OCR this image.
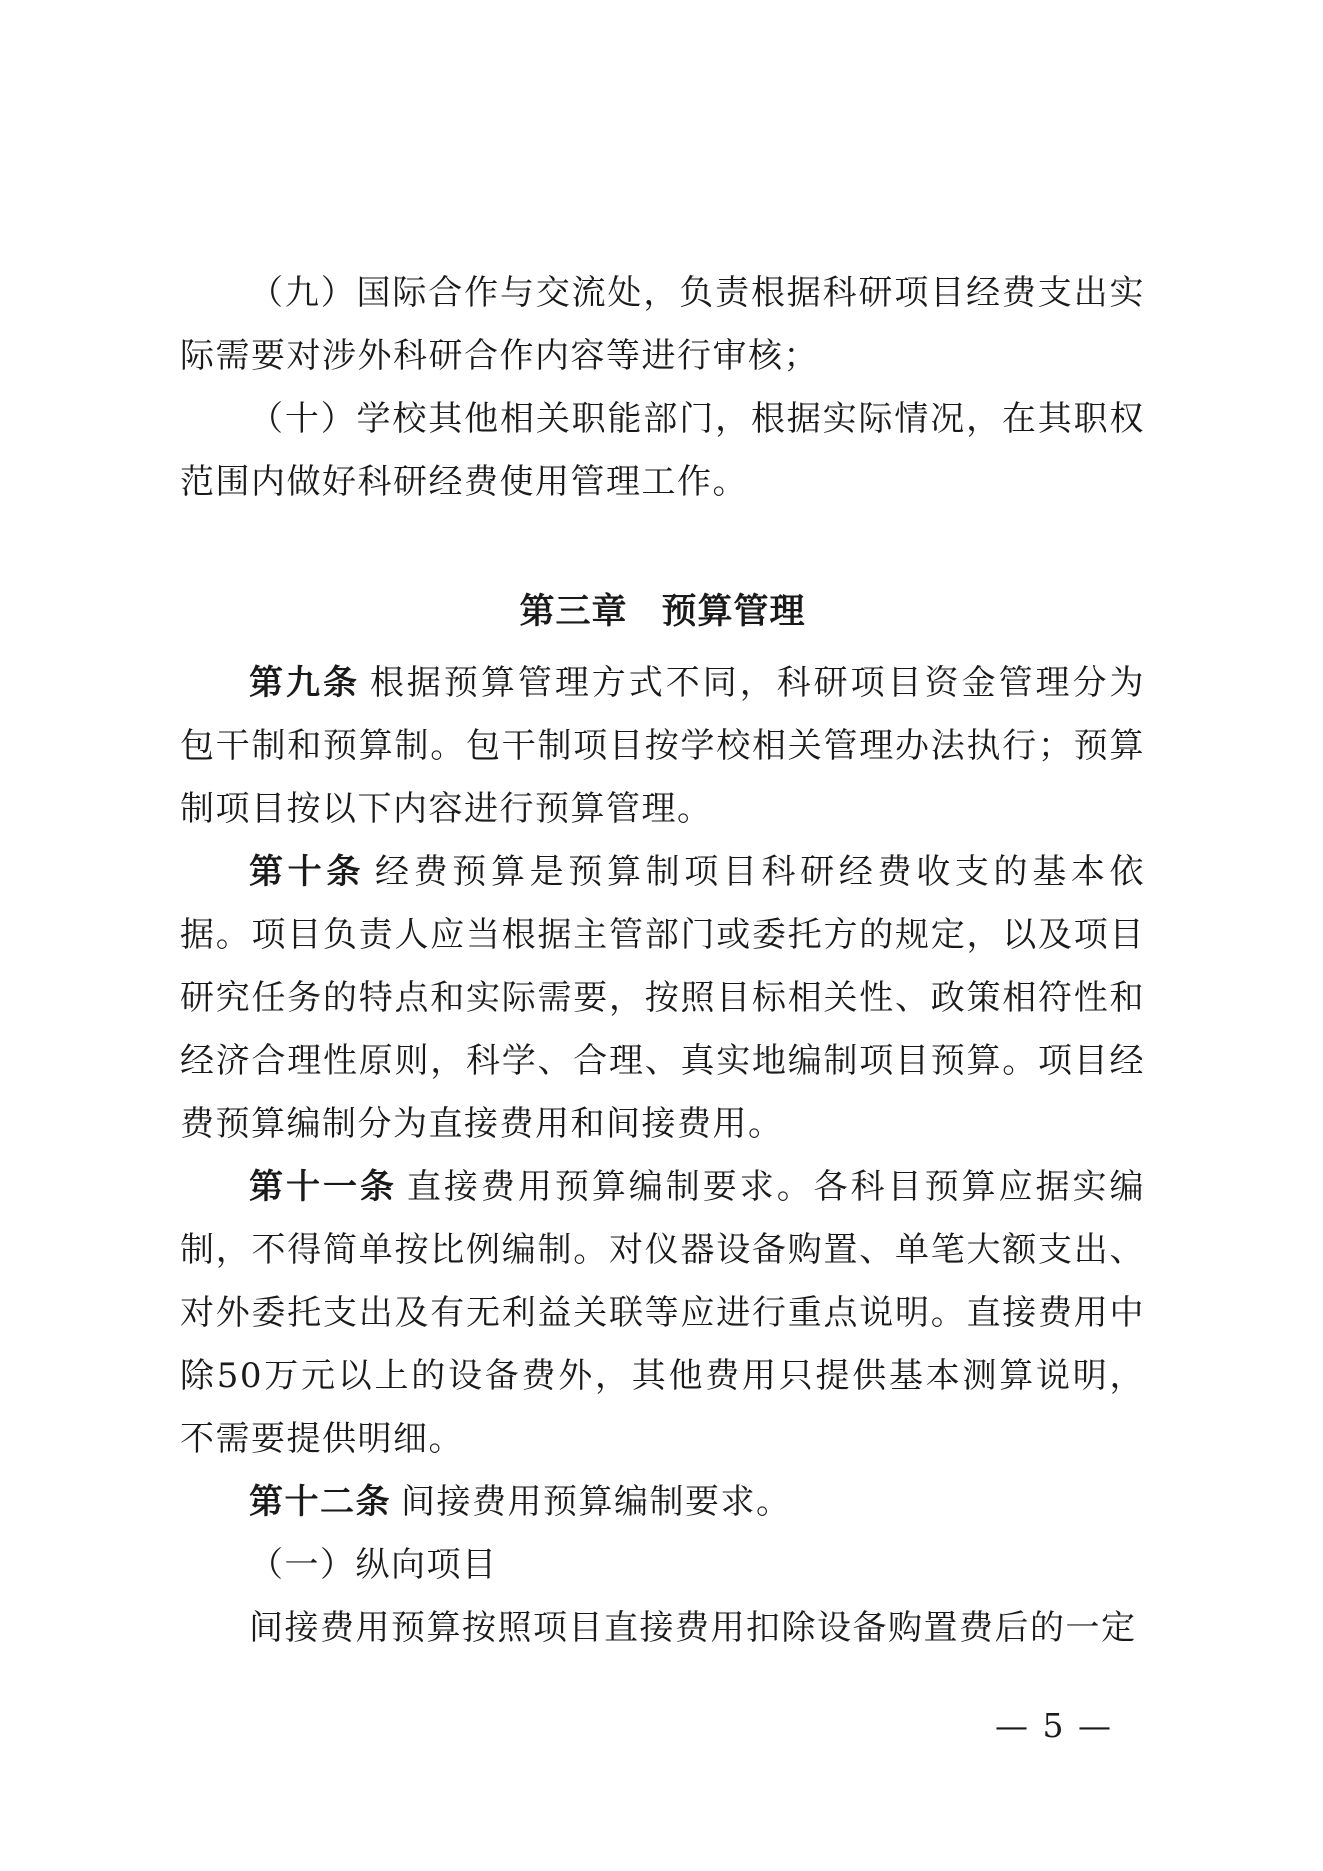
（九）国际合作与交流处，负责根据科研项目经费支出实际需要对涉外科研合作内容等进行审核；

（十）学校其他相关职能部门，根据实际情况，在其职权范围内做好科研经费使用管理工作。

第三章 预算管理

第九条 根据预算管理方式不同，科研项目资金管理分为包干制和预算制。包干制项目按学校相关管理办法执行；预算制项目按以下内容进行预算管理。

第十条 经费预算是预算制项目科研经费收支的基本依据。项目负责人应当根据主管部门或委托方的规定，以及项目研究任务的特点和实际需要，按照目标相关性、政策相符性和经济合理性原则，科学、合理、真实地编制项目预算。项目经费预算编制分为直接费用和间接费用。

第十一条 直接费用预算编制要求。各科目预算应据实编制，不得简单按比例编制。对仪器设备购置、单笔大额支出、对外委托支出及有无利益关联等应进行重点说明。直接费用中除50万元以上的设备费外，其他费用只提供基本测算说明，不需要提供明细。

第十二条 间接费用预算编制要求。

（一）纵向项目

间接费用预算按照项目直接费用扣除设备购置费后的一定

— 5 —
